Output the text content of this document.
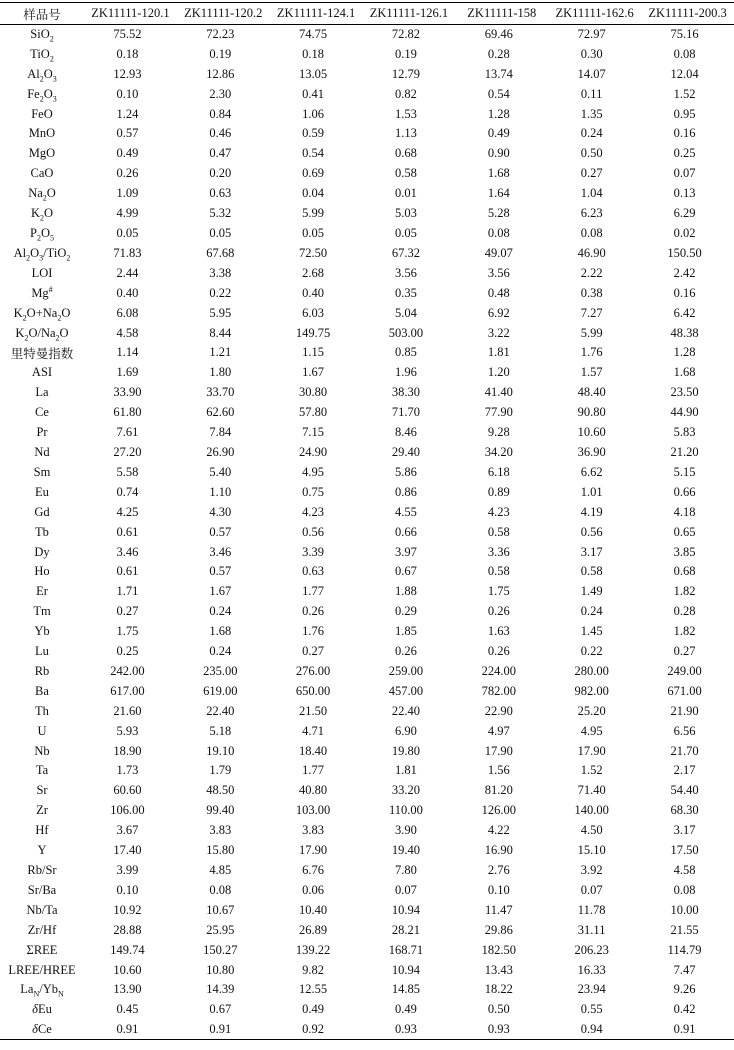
样品号	ZK11111-120.1	ZK11111-120.2	ZK11111-124.1	ZK11111-126.1	ZK11111-158	ZK11111-162.6	ZK11111-200.3
SiO$_2$	75.52	72.23	74.75	72.82	69.46	72.97	75.16
TiO$_2$	0.18	0.19	0.18	0.19	0.28	0.30	0.08
$Al_2O_3$	12.93	12.86	13.05	12.79	13.74	14.07	12.04
$Fe_2O_3$	0.10	2.30	0.41	0.82	0.54	0.11	1.52
FeO	1.24	0.84	1.06	1.53	1.28	1.35	0.95
MnO	0.57	0.46	0.59	1.13	0.49	0.24	0.16
MgO	0.49	0.47	0.54	0.68	0.90	0.50	0.25
CaO	0.26	0.20	0.69	0.58	1.68	0.27	0.07
$Na_2O$	1.09	0.63	0.04	0.01	1.64	1.04	0.13
$K_2O$	4.99	5.32	5.99	5.03	5.28	6.23	6.29
$P_2O_5$	0.05	0.05	0.05	0.05	0.08	0.08	0.02
$Al_2O_3/TiO_2$	71.83	67.68	72.50	67.32	49.07	46.90	150.50
LOI	2.44	3.38	2.68	3.56	3.56	2.22	2.42
Mg#	0.40	0.22	0.40	0.35	0.48	0.38	0.16
$K_2O+Na_2O$	6.08	5.95	6.03	5.04	6.92	7.27	6.42
$K_2O/Na_2O$	4.58	8.44	149.75	503.00	3.22	5.99	48.38
里特曼指数	1.14	1.21	1.15	0.85	1.81	1.76	1.28
ASI	1.69	1.80	1.67	1.96	1.20	1.57	1.68
La	33.90	33.70	30.80	38.30	41.40	48.40	23.50
Ce	61.80	62.60	57.80	71.70	77.90	90.80	44.90
Pr	7.61	7.84	7.15	8.46	9.28	10.60	5.83
Nd	27.20	26.90	24.90	29.40	34.20	36.90	21.20
Sm	5.58	5.40	4.95	5.86	6.18	6.62	5.15
Eu	0.74	1.10	0.75	0.86	0.89	1.01	0.66
Gd	4.25	4.30	4.23	4.55	4.23	4.19	4.18
Tb	0.61	0.57	0.56	0.66	0.58	0.56	0.65
Dy	3.46	3.46	3.39	3.97	3.36	3.17	3.85
Ho	0.61	0.57	0.63	0.67	0.58	0.58	0.68
Er	1.71	1.67	1.77	1.88	1.75	1.49	1.82
Tm	0.27	0.24	0.26	0.29	0.26	0.24	0.28
Yb	1.75	1.68	1.76	1.85	1.63	1.45	1.82
Lu	0.25	0.24	0.27	0.26	0.26	0.22	0.27
Rb	242.00	235.00	276.00	259.00	224.00	280.00	249.00
Ba	617.00	619.00	650.00	457.00	782.00	982.00	671.00
Th	21.60	22.40	21.50	22.40	22.90	25.20	21.90
U	5.93	5.18	4.71	6.90	4.97	4.95	6.56
Nb	18.90	19.10	18.40	19.80	17.90	17.90	21.70
Ta	1.73	1.79	1.77	1.81	1.56	1.52	2.17
Sr	60.60	48.50	40.80	33.20	81.20	71.40	54.40
Zr	106.00	99.40	103.00	110.00	126.00	140.00	68.30
Hf	3.67	3.83	3.83	3.90	4.22	4.50	3.17
Y	17.40	15.80	17.90	19.40	16.90	15.10	17.50
Rb/Sr	3.99	4.85	6.76	7.80	2.76	3.92	4.58
Sr/Ba	0.10	0.08	0.06	0.07	0.10	0.07	0.08
Nb/Ta	10.92	10.67	10.40	10.94	11.47	11.78	10.00
Zr/Hf	28.88	25.95	26.89	28.21	29.86	31.11	21.55
ΣREE	149.74	150.27	139.22	168.71	182.50	206.23	114.79
LREE/HREE	10.60	10.80	9.82	10.94	13.43	16.33	7.47
$La_N/Yb_N$	13.90	14.39	12.55	14.85	18.22	23.94	9.26
δEu	0.45	0.67	0.49	0.49	0.50	0.55	0.42
δCe	0.91	0.91	0.92	0.93	0.93	0.94	0.91
